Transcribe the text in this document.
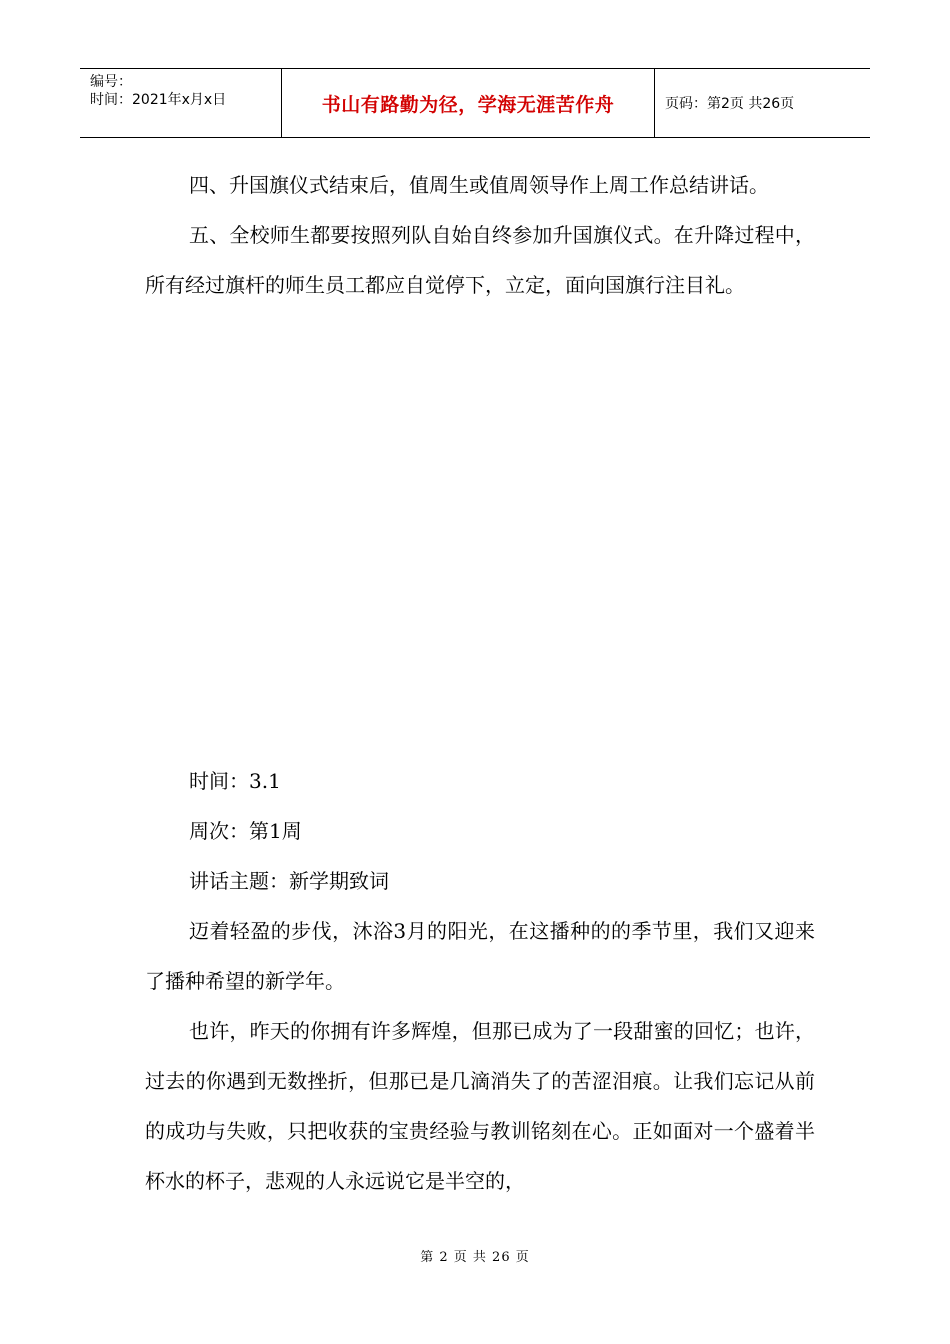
编号：
时间：2021年x月x日	书山有路勤为径，学海无涯苦作舟	页码：第2页 共26页

四、升国旗仪式结束后，值周生或值周领导作上周工作总结讲话。

五、全校师生都要按照列队自始自终参加升国旗仪式。在升降过程中，所有经过旗杆的师生员工都应自觉停下，立定，面向国旗行注目礼。

时间：3.1

周次：第1周

讲话主题：新学期致词

迈着轻盈的步伐，沐浴3月的阳光，在这播种的的季节里，我们又迎来了播种希望的新学年。

也许，昨天的你拥有许多辉煌，但那已成为了一段甜蜜的回忆；也许，过去的你遇到无数挫折，但那已是几滴消失了的苦涩泪痕。让我们忘记从前的成功与失败，只把收获的宝贵经验与教训铭刻在心。正如面对一个盛着半杯水的杯子，悲观的人永远说它是半空的，

第 2 页 共 26 页
